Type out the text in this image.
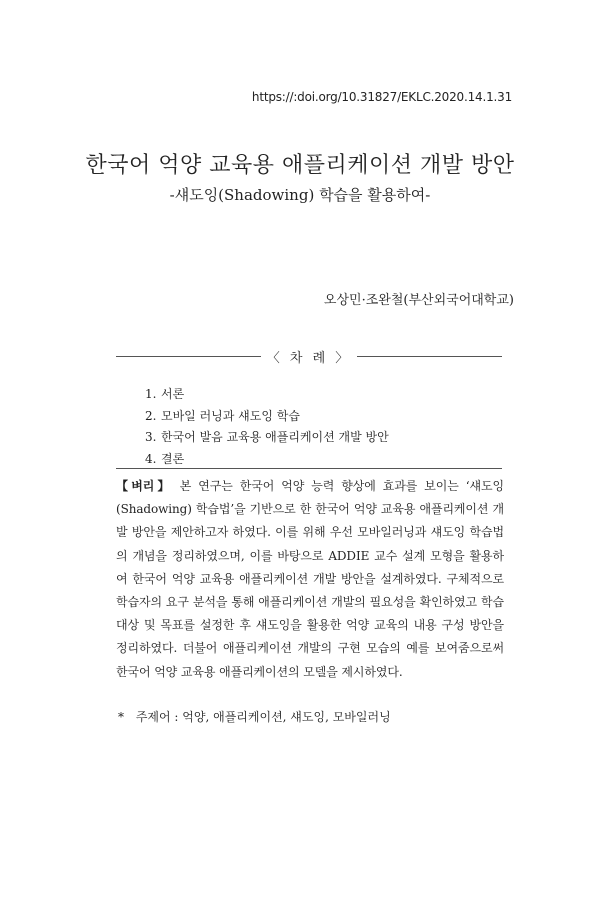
https://:doi.org/10.31827/EKLC.2020.14.1.31
한국어 억양 교육용 애플리케이션 개발 방안
-섀도잉(Shadowing) 학습을 활용하여-
오상민·조완철(부산외국어대학교)
〈 차 례 〉
1. 서론
2. 모바일 러닝과 섀도잉 학습
3. 한국어 발음 교육용 애플리케이션 개발 방안
4. 결론

【벼리】 본 연구는 한국어 억양 능력 향상에 효과를 보이는 ‘섀도잉(Shadowing) 학습법’을 기반으로 한 한국어 억양 교육용 애플리케이션 개발 방안을 제안하고자 하였다. 이를 위해 우선 모바일러닝과 섀도잉 학습법의 개념을 정리하였으며, 이를 바탕으로 ADDIE 교수 설계 모형을 활용하여 한국어 억양 교육용 애플리케이션 개발 방안을 설계하였다. 구체적으로 학습자의 요구 분석을 통해 애플리케이션 개발의 필요성을 확인하였고 학습 대상 및 목표를 설정한 후 섀도잉을 활용한 억양 교육의 내용 구성 방안을 정리하였다. 더불어 애플리케이션 개발의 구현 모습의 예를 보여줌으로써 한국어 억양 교육용 애플리케이션의 모델을 제시하였다.

* 주제어 : 억양, 애플리케이션, 섀도잉, 모바일러닝
